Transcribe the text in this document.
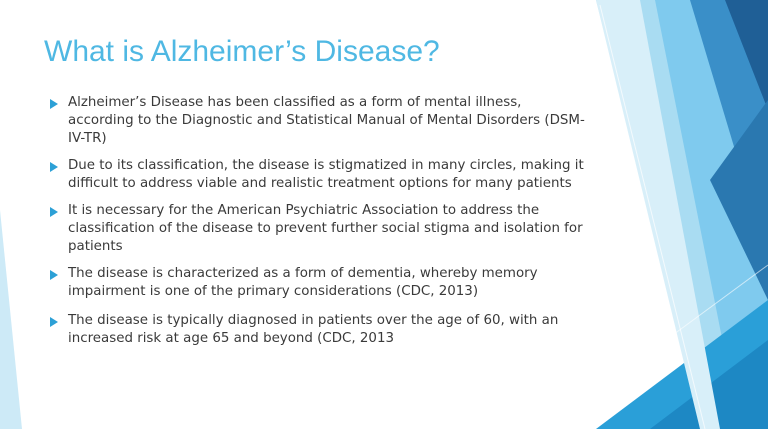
What is Alzheimer’s Disease?
Alzheimer’s Disease has been classified as a form of mental illness, according to the Diagnostic and Statistical Manual of Mental Disorders (DSM-IV-TR)
Due to its classification, the disease is stigmatized in many circles, making it difficult to address viable and realistic treatment options for many patients
It is necessary for the American Psychiatric Association to address the classification of the disease to prevent further social stigma and isolation for patients
The disease is characterized as a form of dementia, whereby memory impairment is one of the primary considerations (CDC, 2013)
The disease is typically diagnosed in patients over the age of 60, with an increased risk at age 65 and beyond (CDC, 2013
